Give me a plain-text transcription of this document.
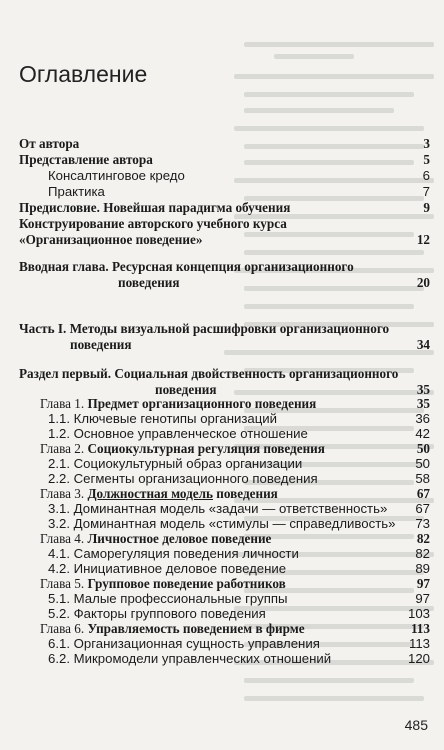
Оглавление
От автора	3
Представление автора	5
Консалтинговое кредо	6
Практика	7
Предисловие. Новейшая парадигма обучения	9
Конструирование авторского учебного курса
«Организационное поведение»	12
Вводная глава. Ресурсная концепция организационного
поведения	20
Часть I. Методы визуальной расшифровки организационного
поведения	34
Раздел первый. Социальная двойственность организационного
поведения	35
Глава 1. Предмет организационного поведения	35
1.1. Ключевые генотипы организаций	36
1.2. Основное управленческое отношение	42
Глава 2. Социокультурная регуляция поведения	50
2.1. Социокультурный образ организации	50
2.2. Сегменты организационного поведения	58
Глава 3. Должностная модель поведения	67
3.1. Доминантная модель «задачи — ответственность» 67
3.2. Доминантная модель «стимулы — справедливость» 73
Глава 4. Личностное деловое поведение	82
4.1. Саморегуляция поведения личности	82
4.2. Инициативное деловое поведение	89
Глава 5. Групповое поведение работников	97
5.1. Малые профессиональные группы	97
5.2. Факторы группового поведения	103
Глава 6. Управляемость поведением в фирме	113
6.1. Организационная сущность управления	113
6.2. Микромодели управленческих отношений	120
485
